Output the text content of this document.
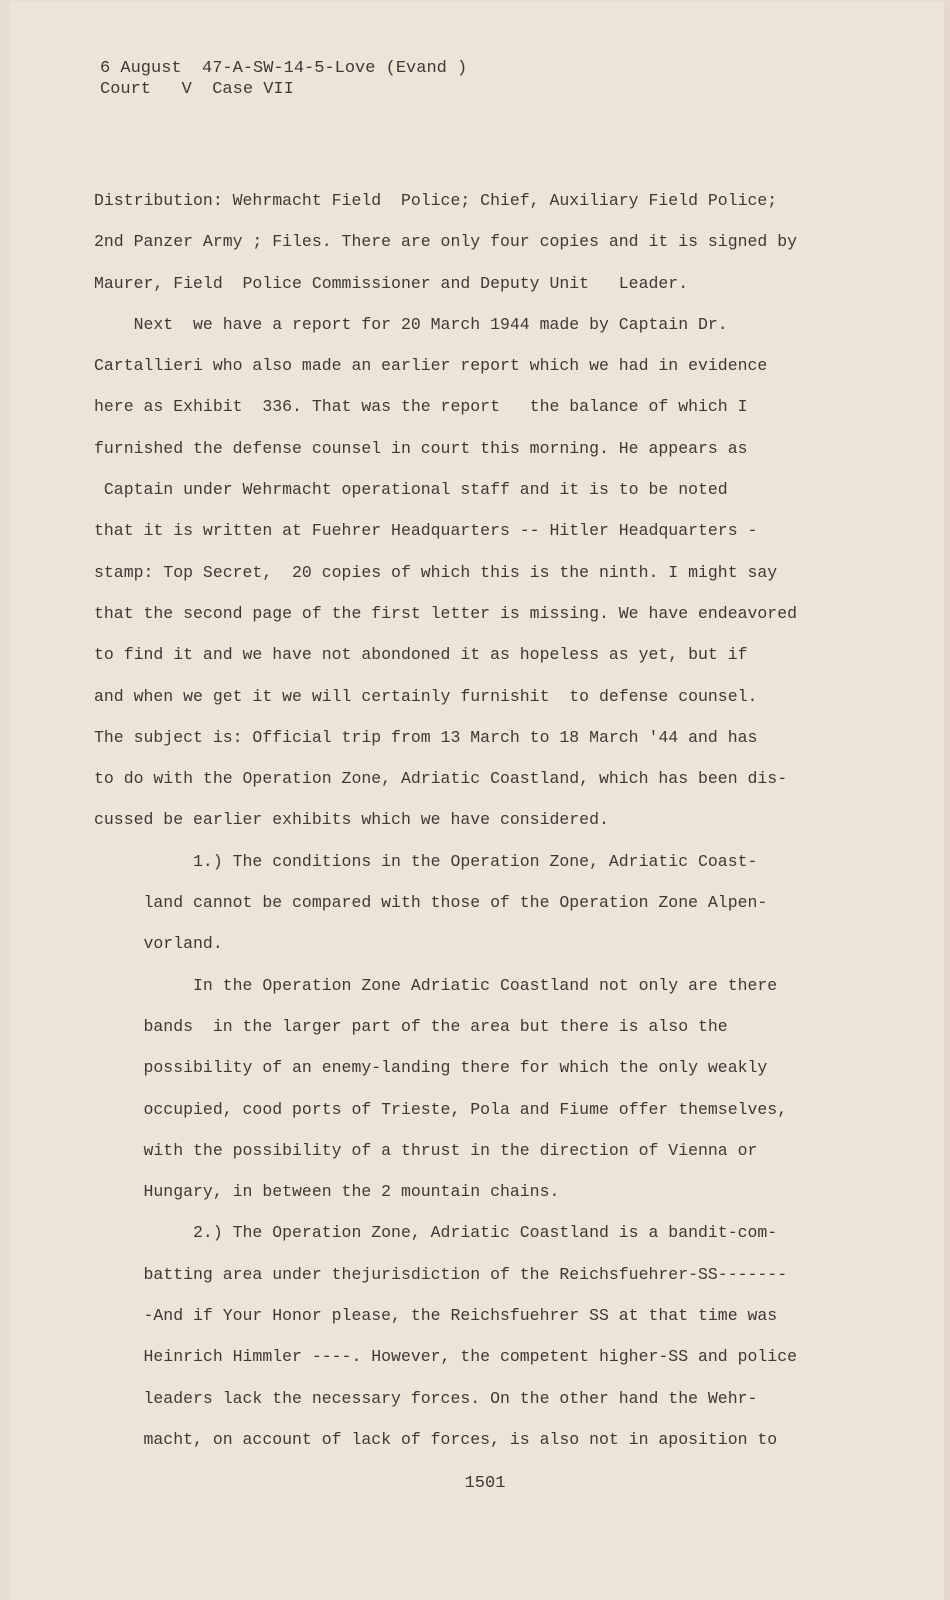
6 August  47-A-SW-14-5-Love (Evand )
Court   V  Case VII
Distribution: Wehrmacht Field  Police; Chief, Auxiliary Field Police;
2nd Panzer Army ; Files. There are only four copies and it is signed by
Maurer, Field  Police Commissioner and Deputy Unit   Leader.
Next  we have a report for 20 March 1944 made by Captain Dr.
Cartallieri who also made an earlier report which we had in evidence
here as Exhibit  336. That was the report   the balance of which I
furnished the defense counsel in court this morning. He appears as
Captain under Wehrmacht operational staff and it is to be noted
that it is written at Fuehrer Headquarters -- Hitler Headquarters -
stamp: Top Secret,  20 copies of which this is the ninth. I might say
that the second page of the first letter is missing. We have endeavored
to find it and we have not abondoned it as hopeless as yet, but if
and when we get it we will certainly furnishit  to defense counsel.
The subject is: Official trip from 13 March to 18 March '44 and has
to do with the Operation Zone, Adriatic Coastland, which has been dis-
cussed be earlier exhibits which we have considered.
1.) The conditions in the Operation Zone, Adriatic Coast-
land cannot be compared with those of the Operation Zone Alpen-
vorland.
In the Operation Zone Adriatic Coastland not only are there
bands  in the larger part of the area but there is also the
possibility of an enemy-landing there for which the only weakly
occupied, cood ports of Trieste, Pola and Fiume offer themselves,
with the possibility of a thrust in the direction of Vienna or
Hungary, in between the 2 mountain chains.
2.) The Operation Zone, Adriatic Coastland is a bandit-com-
batting area under thejurisdiction of the Reichsfuehrer-SS-------
-And if Your Honor please, the Reichsfuehrer SS at that time was
Heinrich Himmler ----. However, the competent higher-SS and police
leaders lack the necessary forces. On the other hand the Wehr-
macht, on account of lack of forces, is also not in aposition to
1501
